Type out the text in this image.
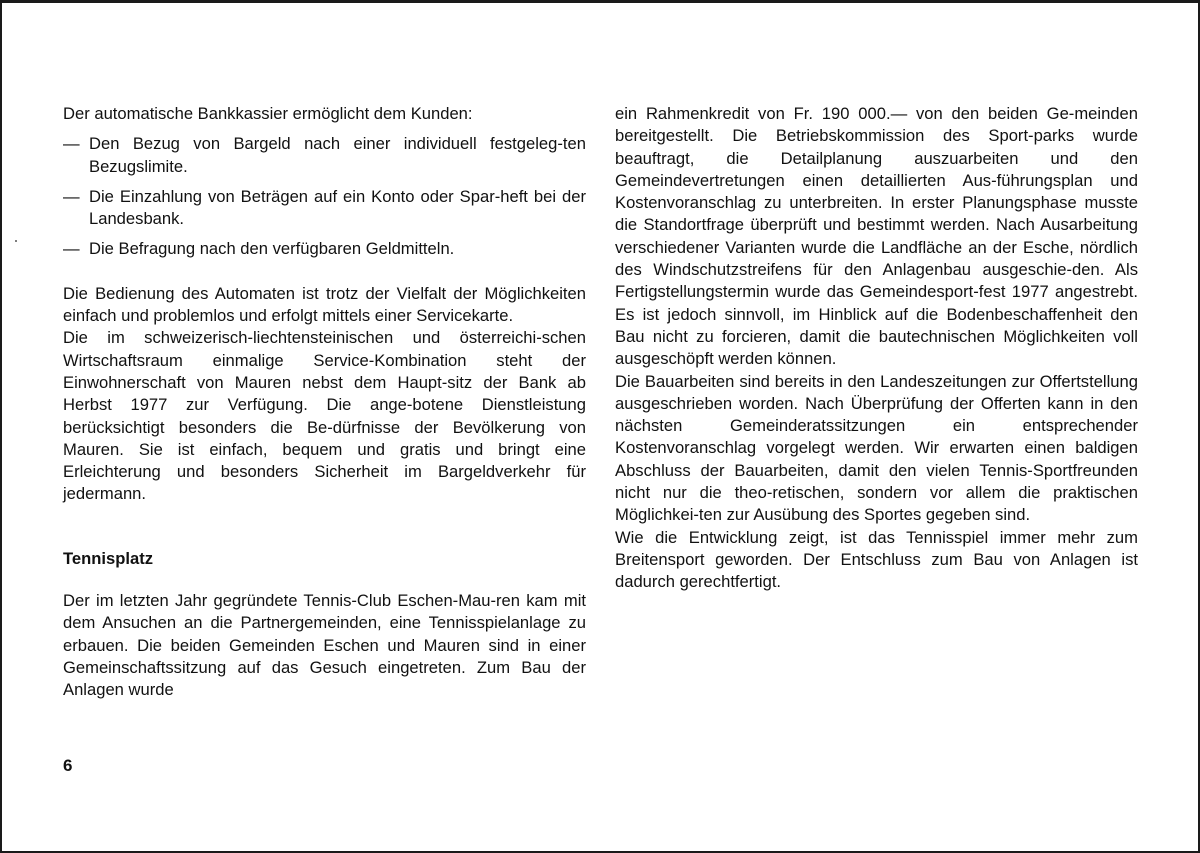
Der automatische Bankkassier ermöglicht dem Kunden:

— Den Bezug von Bargeld nach einer individuell festgeleg-ten Bezugslimite.
— Die Einzahlung von Beträgen auf ein Konto oder Spar-heft bei der Landesbank.
— Die Befragung nach den verfügbaren Geldmitteln.

Die Bedienung des Automaten ist trotz der Vielfalt der Möglichkeiten einfach und problemlos und erfolgt mittels einer Servicekarte.

Die im schweizerisch-liechtensteinischen und österreichi-schen Wirtschaftsraum einmalige Service-Kombination steht der Einwohnerschaft von Mauren nebst dem Haupt-sitz der Bank ab Herbst 1977 zur Verfügung. Die ange-botene Dienstleistung berücksichtigt besonders die Be-dürfnisse der Bevölkerung von Mauren. Sie ist einfach, bequem und gratis und bringt eine Erleichterung und besonders Sicherheit im Bargeldverkehr für jedermann.

Tennisplatz

Der im letzten Jahr gegründete Tennis-Club Eschen-Mau-ren kam mit dem Ansuchen an die Partnergemeinden, eine Tennisspielanlage zu erbauen. Die beiden Gemeinden Eschen und Mauren sind in einer Gemeinschaftssitzung auf das Gesuch eingetreten. Zum Bau der Anlagen wurde

ein Rahmenkredit von Fr. 190 000.— von den beiden Ge-meinden bereitgestellt. Die Betriebskommission des Sport-parks wurde beauftragt, die Detailplanung auszuarbeiten und den Gemeindevertretungen einen detaillierten Aus-führungsplan und Kostenvoranschlag zu unterbreiten. In erster Planungsphase musste die Standortfrage überprüft und bestimmt werden. Nach Ausarbeitung verschiedener Varianten wurde die Landfläche an der Esche, nördlich des Windschutzstreifens für den Anlagenbau ausgeschie-den. Als Fertigstellungstermin wurde das Gemeindesport-fest 1977 angestrebt. Es ist jedoch sinnvoll, im Hinblick auf die Bodenbeschaffenheit den Bau nicht zu forcieren, damit die bautechnischen Möglichkeiten voll ausgeschöpft werden können.

Die Bauarbeiten sind bereits in den Landeszeitungen zur Offertstellung ausgeschrieben worden. Nach Überprüfung der Offerten kann in den nächsten Gemeinderatssitzungen ein entsprechender Kostenvoranschlag vorgelegt werden. Wir erwarten einen baldigen Abschluss der Bauarbeiten, damit den vielen Tennis-Sportfreunden nicht nur die theo-retischen, sondern vor allem die praktischen Möglichkei-ten zur Ausübung des Sportes gegeben sind.

Wie die Entwicklung zeigt, ist das Tennisspiel immer mehr zum Breitensport geworden. Der Entschluss zum Bau von Anlagen ist dadurch gerechtfertigt.

6
